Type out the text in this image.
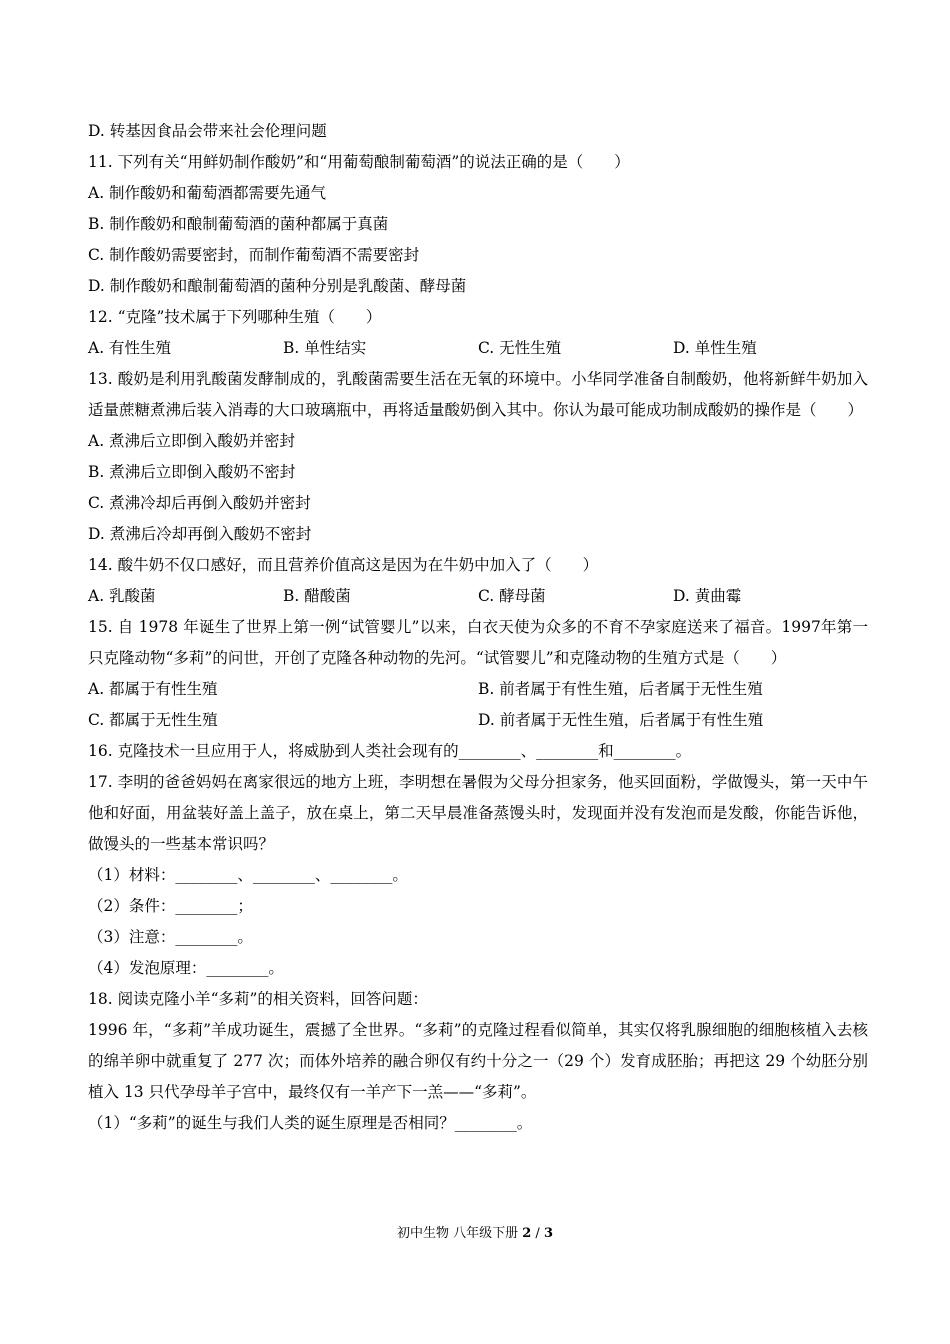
D. 转基因食品会带来社会伦理问题
11. 下列有关“用鲜奶制作酸奶”和“用葡萄酿制葡萄酒”的说法正确的是（　　）
A. 制作酸奶和葡萄酒都需要先通气
B. 制作酸奶和酿制葡萄酒的菌种都属于真菌
C. 制作酸奶需要密封，而制作葡萄酒不需要密封
D. 制作酸奶和酿制葡萄酒的菌种分别是乳酸菌、酵母菌
12. “克隆”技术属于下列哪种生殖（　　）
A. 有性生殖	B. 单性结实	C. 无性生殖	D. 单性生殖
13. 酸奶是利用乳酸菌发酵制成的，乳酸菌需要生活在无氧的环境中。小华同学准备自制酸奶，他将新鲜牛奶加入适量蔗糖煮沸后装入消毒的大口玻璃瓶中，再将适量酸奶倒入其中。你认为最可能成功制成酸奶的操作是（　　）
A. 煮沸后立即倒入酸奶并密封
B. 煮沸后立即倒入酸奶不密封
C. 煮沸冷却后再倒入酸奶并密封
D. 煮沸后冷却再倒入酸奶不密封
14. 酸牛奶不仅口感好，而且营养价值高这是因为在牛奶中加入了（　　）
A. 乳酸菌	B. 醋酸菌	C. 酵母菌	D. 黄曲霉
15. 自 1978 年诞生了世界上第一例“试管婴儿”以来，白衣天使为众多的不育不孕家庭送来了福音。1997年第一只克隆动物“多莉”的问世，开创了克隆各种动物的先河。“试管婴儿”和克隆动物的生殖方式是（　　）
A. 都属于有性生殖	B. 前者属于有性生殖，后者属于无性生殖
C. 都属于无性生殖	D. 前者属于无性生殖，后者属于有性生殖
16. 克隆技术一旦应用于人，将威胁到人类社会现有的________、________和________。
17. 李明的爸爸妈妈在离家很远的地方上班，李明想在暑假为父母分担家务，他买回面粉，学做馒头，第一天中午他和好面，用盆装好盖上盖子，放在桌上，第二天早晨准备蒸馒头时，发现面并没有发泡而是发酸，你能告诉他，做馒头的一些基本常识吗？
（1）材料：________、________、________。
（2）条件：________；
（3）注意：________。
（4）发泡原理：________。
18. 阅读克隆小羊“多莉”的相关资料，回答问题：
1996 年，“多莉”羊成功诞生，震撼了全世界。“多莉”的克隆过程看似简单，其实仅将乳腺细胞的细胞核植入去核的绵羊卵中就重复了 277 次；而体外培养的融合卵仅有约十分之一（29 个）发育成胚胎；再把这 29 个幼胚分别植入 13 只代孕母羊子宫中，最终仅有一羊产下一羔——“多莉”。
（1）“多莉”的诞生与我们人类的诞生原理是否相同？________。
初中生物 八年级下册 2 / 3
